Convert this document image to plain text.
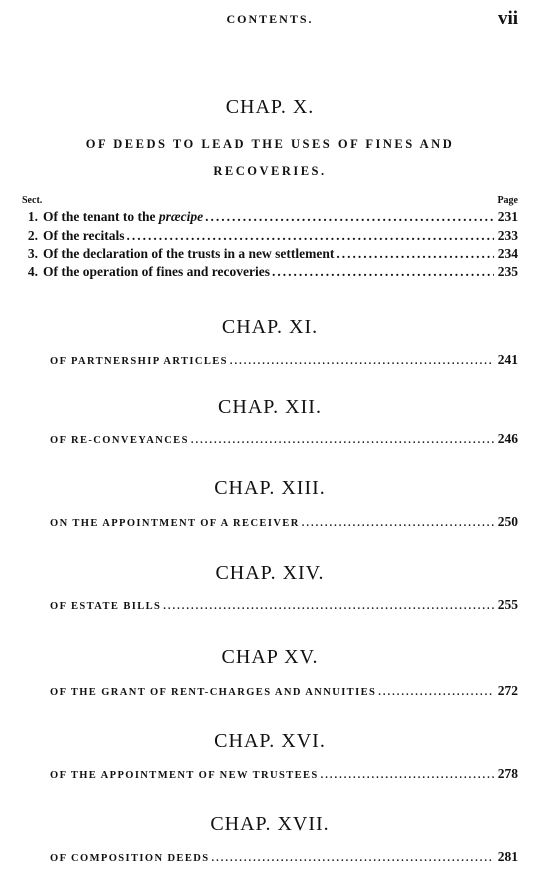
CONTENTS.	vii
CHAP. X.
OF DEEDS TO LEAD THE USES OF FINES AND
RECOVERIES.
Sect.	Page
1. Of the tenant to the præcipe .....	231
2. Of the recitals .....	233
3. Of the declaration of the trusts in a new settlement .....	234
4. Of the operation of fines and recoveries .....	235
CHAP. XI.
OF PARTNERSHIP ARTICLES .....	241
CHAP. XII.
OF RE-CONVEYANCES .....	246
CHAP. XIII.
ON THE APPOINTMENT OF A RECEIVER .....	250
CHAP. XIV.
OF ESTATE BILLS .....	255
CHAP XV.
OF THE GRANT OF RENT-CHARGES AND ANNUITIES .....	272
CHAP. XVI.
OF THE APPOINTMENT OF NEW TRUSTEES .....	278
CHAP. XVII.
OF COMPOSITION DEEDS .....	281
